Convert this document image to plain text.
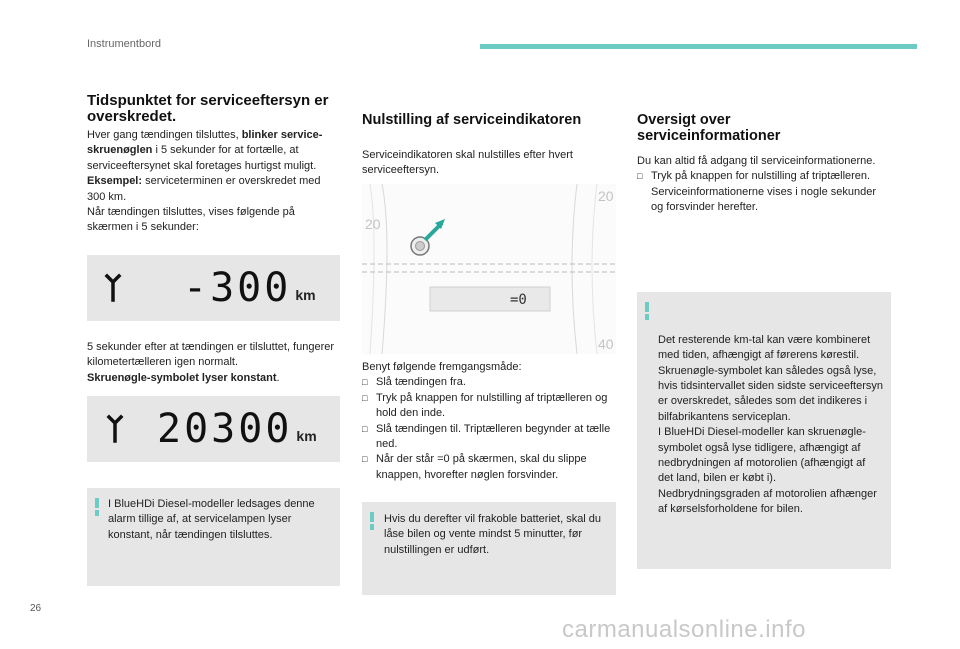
Instrumentbord
26
carmanualsonline.info
Tidspunktet for serviceeftersyn er overskredet.

Hver gang tændingen tilsluttes, blinker service-skruenøglen i 5 sekunder for at fortælle, at serviceeftersynet skal foretages hurtigst muligt.

Eksempel: serviceterminen er overskredet med 300 km.

Når tændingen tilsluttes, vises følgende på skærmen i 5 sekunder:

-300 km

5 sekunder efter at tændingen er tilsluttet, fungerer kilometertælleren igen normalt.

Skruenøgle-symbolet lyser konstant.

20300 km
I BlueHDi Diesel-modeller ledsages denne alarm tillige af, at servicelampen lyser konstant, når tændingen tilsluttes.
Nulstilling af serviceindikatoren

Serviceindikatoren skal nulstilles efter hvert serviceeftersyn.

=0
20
20
40

Benyt følgende fremgangsmåde:

□ Slå tændingen fra.
□ Tryk på knappen for nulstilling af triptælleren og hold den inde.
□ Slå tændingen til. Triptælleren begynder at tælle ned.
□ Når der står =0 på skærmen, skal du slippe knappen, hvorefter nøglen forsvinder.
Hvis du derefter vil frakoble batteriet, skal du låse bilen og vente mindst 5 minutter, før nulstillingen er udført.
Oversigt over serviceinformationer

Du kan altid få adgang til serviceinformationerne.

□ Tryk på knappen for nulstilling af triptælleren. Serviceinformationerne vises i nogle sekunder og forsvinder herefter.

Det resterende km-tal kan være kombineret med tiden, afhængigt af førerens kørestil.
Skruenøgle-symbolet kan således også lyse, hvis tidsintervallet siden sidste serviceeftersyn er overskredet, således som det indikeres i bilfabrikantens serviceplan.
I BlueHDi Diesel-modeller kan skruenøgle-symbolet også lyse tidligere, afhængigt af nedbrydningen af motorolien (afhængigt af det land, bilen er købt i).
Nedbrydningsgraden af motorolien afhænger af kørselsforholdene for bilen.
